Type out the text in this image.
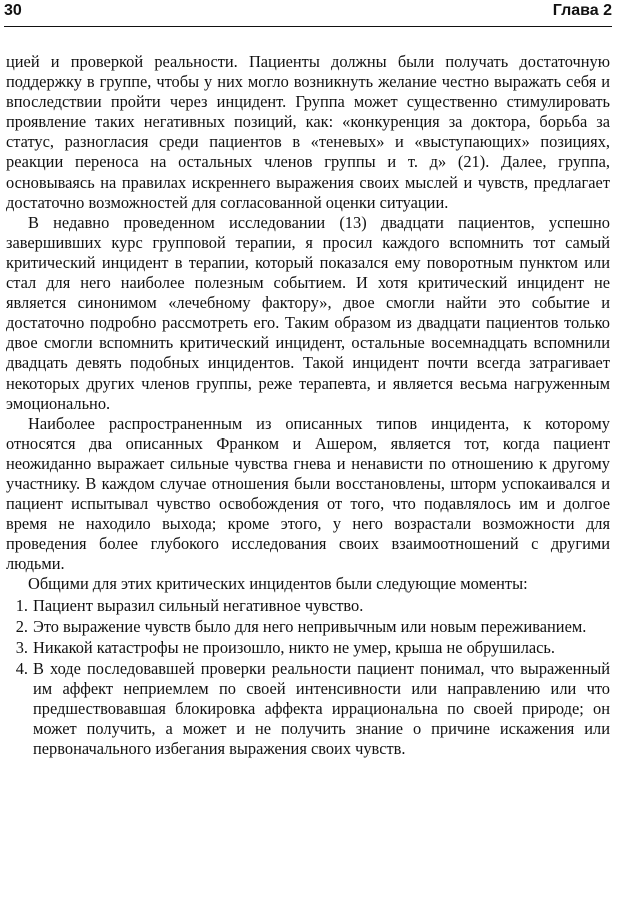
30	Глава 2

цией и проверкой реальности. Пациенты должны были получать достаточную поддержку в группе, чтобы у них могло возникнуть желание честно выражать себя и впоследствии пройти через инцидент. Группа может существенно стимулировать проявление таких негативных позиций, как: «конкуренция за доктора, борьба за статус, разногласия среди пациентов в «теневых» и «выступающих» позициях, реакции переноса на остальных членов группы и т. д» (21). Далее, группа, основываясь на правилах искреннего выражения своих мыслей и чувств, предлагает достаточно возможностей для согласованной оценки ситуации.

В недавно проведенном исследовании (13) двадцати пациентов, успешно завершивших курс групповой терапии, я просил каждого вспомнить тот самый критический инцидент в терапии, который показался ему поворотным пунктом или стал для него наиболее полезным событием. И хотя критический инцидент не является синонимом «лечебному фактору», двое смогли найти это событие и достаточно подробно рассмотреть его. Таким образом из двадцати пациентов только двое смогли вспомнить критический инцидент, остальные восемнадцать вспомнили двадцать девять подобных инцидентов. Такой инцидент почти всегда затрагивает некоторых других членов группы, реже терапевта, и является весьма нагруженным эмоционально.

Наиболее распространенным из описанных типов инцидента, к которому относятся два описанных Франком и Ашером, является тот, когда пациент неожиданно выражает сильные чувства гнева и ненависти по отношению к другому участнику. В каждом случае отношения были восстановлены, шторм успокаивался и пациент испытывал чувство освобождения от того, что подавлялось им и долгое время не находило выхода; кроме этого, у него возрастали возможности для проведения более глубокого исследования своих взаимоотношений с другими людьми.

Общими для этих критических инцидентов были следующие моменты:

1. Пациент выразил сильный негативное чувство.
2. Это выражение чувств было для него непривычным или новым переживанием.
3. Никакой катастрофы не произошло, никто не умер, крыша не обрушилась.
4. В ходе последовавшей проверки реальности пациент понимал, что выраженный им аффект неприемлем по своей интенсивности или направлению или что предшествовавшая блокировка аффекта иррациональна по своей природе; он может получить, а может и не получить знание о причине искажения или первоначального избегания выражения своих чувств.
